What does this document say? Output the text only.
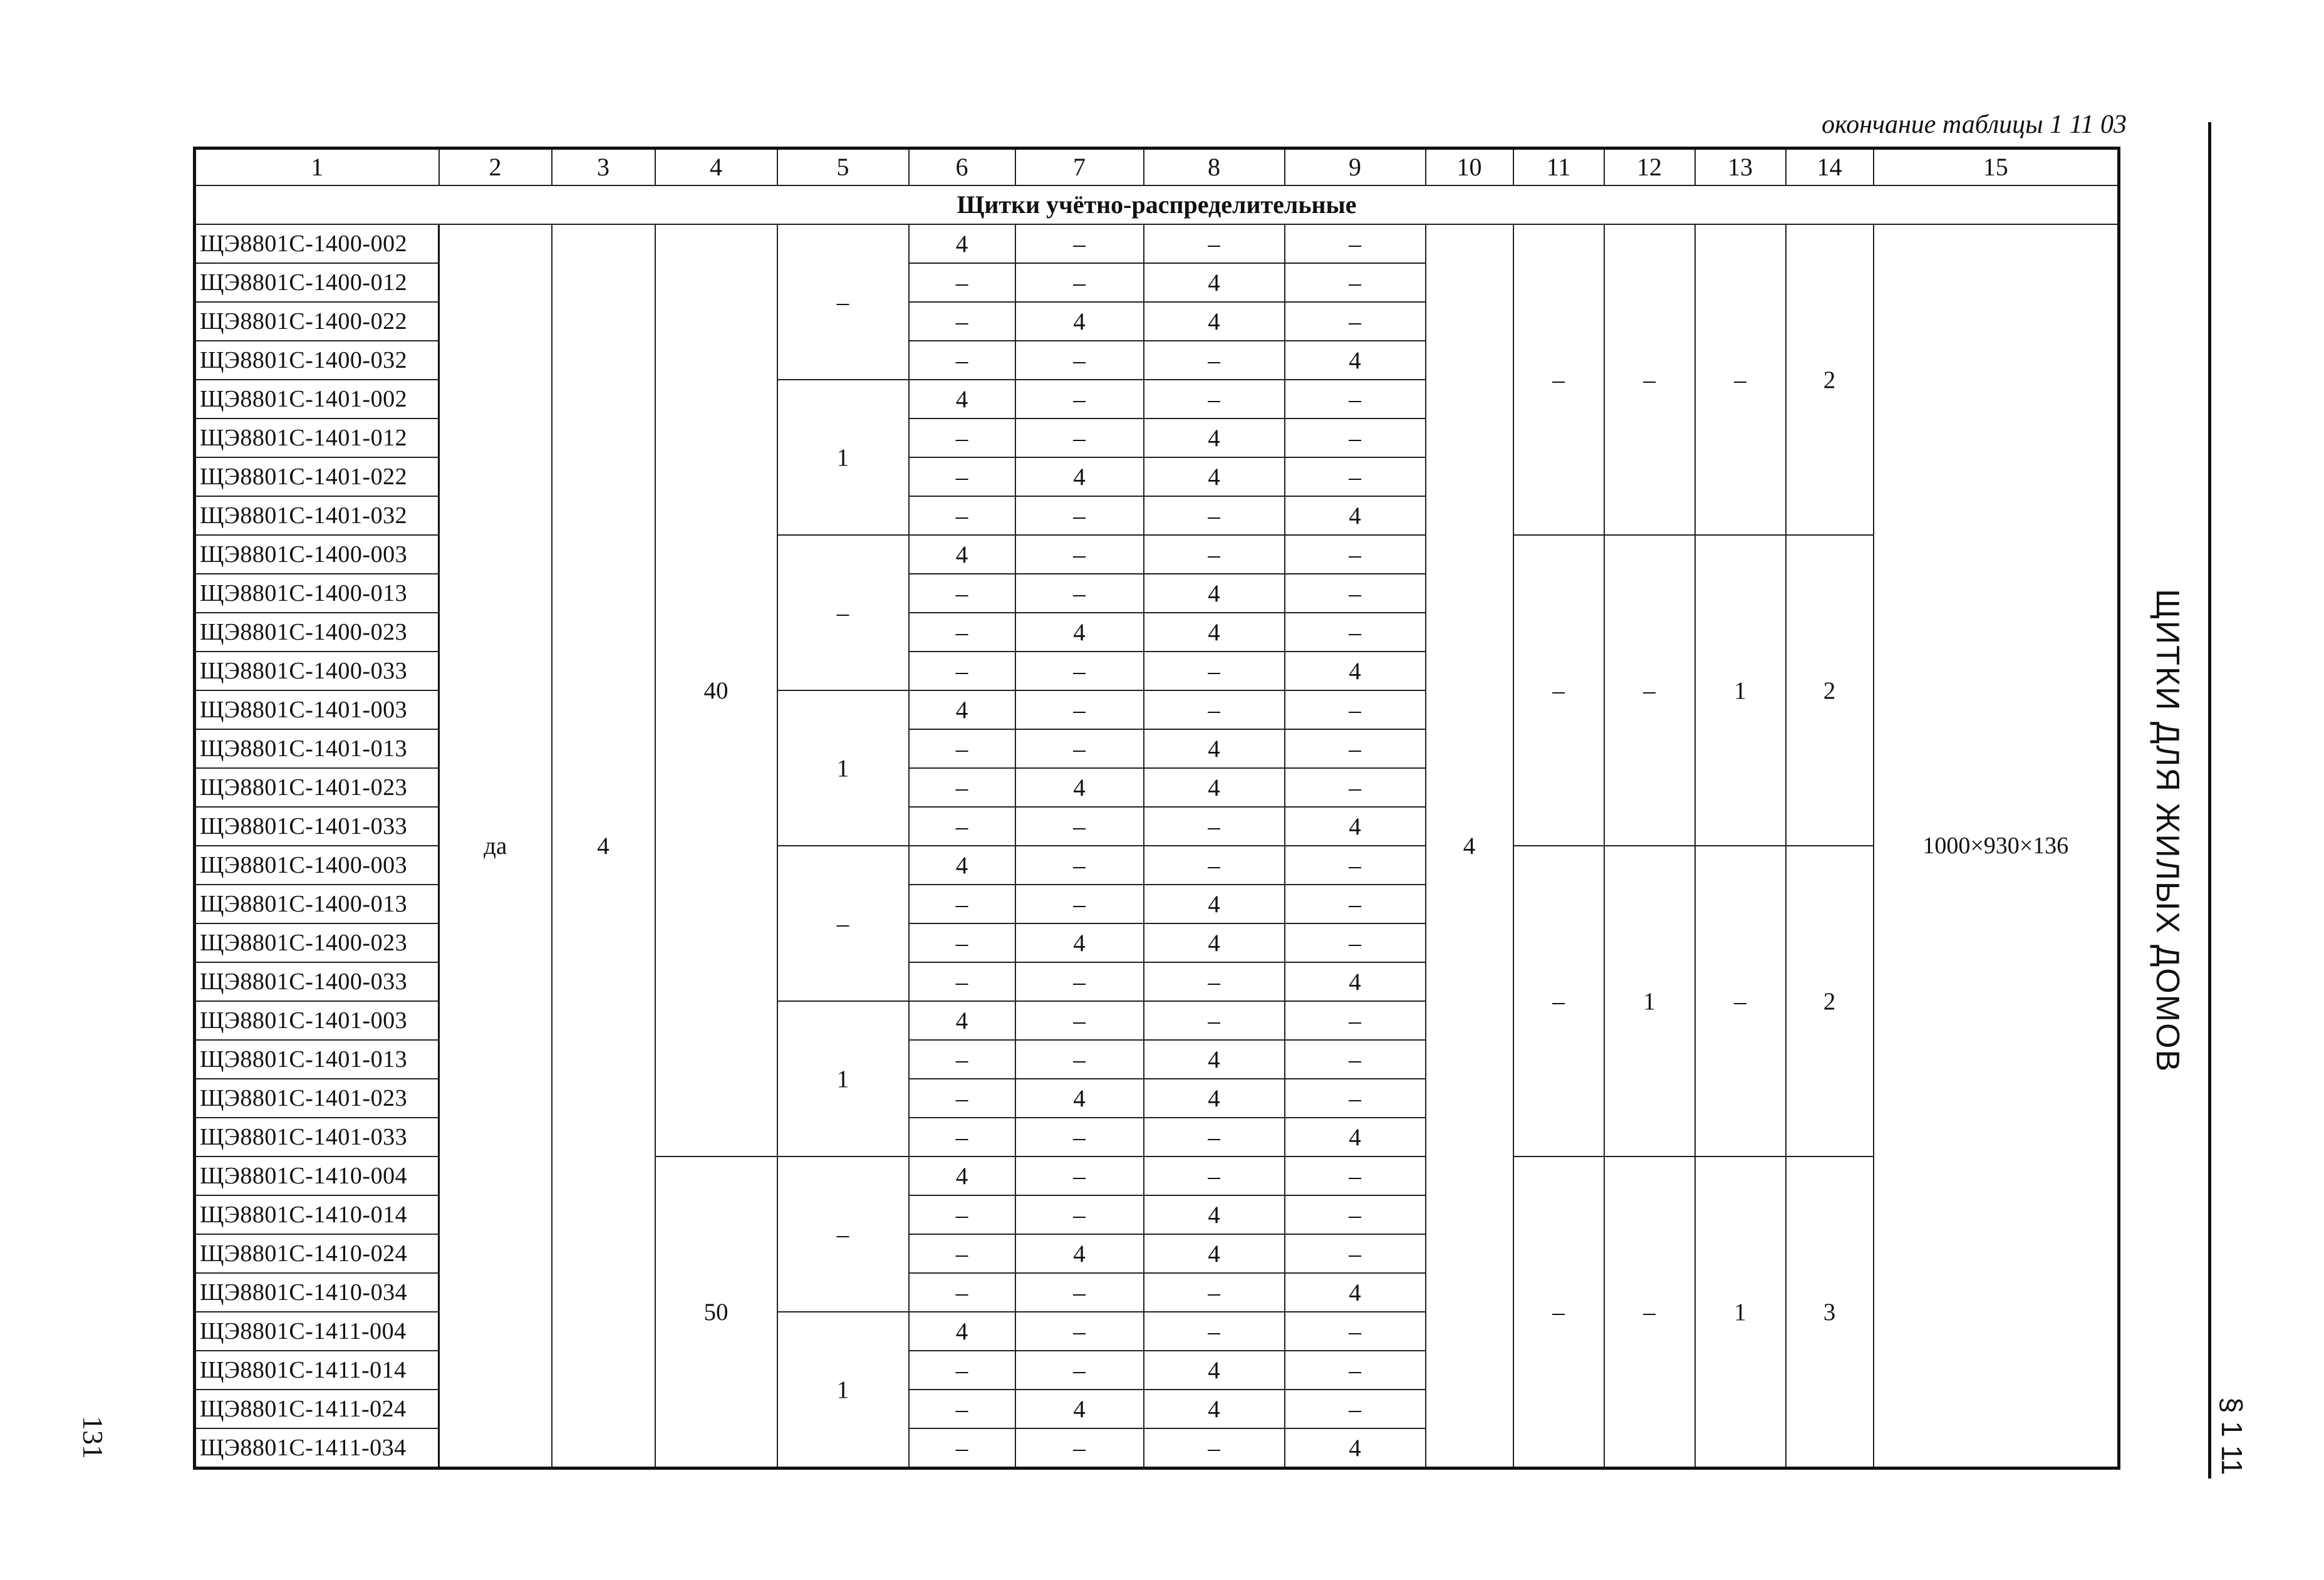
окончание таблицы 1 11 03
1	2	3	4	5	6	7	8	9	10	11	12	13	14	15
Щитки учётно-распределительные														
ЩЭ8801С-1400-002	да	4	40	–	4	–	–	–	4	–	–	–	2	1000×930×136
ЩЭ8801С-1400-012					–	–	4	–						
ЩЭ8801С-1400-022					–	4	4	–						
ЩЭ8801С-1400-032					–	–	–	4						
ЩЭ8801С-1401-002				1	4	–	–	–						
ЩЭ8801С-1401-012					–	–	4	–						
ЩЭ8801С-1401-022					–	4	4	–						
ЩЭ8801С-1401-032					–	–	–	4						
ЩЭ8801С-1400-003				–	4	–	–	–		–	–	1	2	
ЩЭ8801С-1400-013					–	–	4	–						
ЩЭ8801С-1400-023					–	4	4	–						
ЩЭ8801С-1400-033					–	–	–	4						
ЩЭ8801С-1401-003				1	4	–	–	–						
ЩЭ8801С-1401-013					–	–	4	–						
ЩЭ8801С-1401-023					–	4	4	–						
ЩЭ8801С-1401-033					–	–	–	4						
ЩЭ8801С-1400-003				–	4	–	–	–		–	1	–	2	
ЩЭ8801С-1400-013					–	–	4	–						
ЩЭ8801С-1400-023					–	4	4	–						
ЩЭ8801С-1400-033					–	–	–	4						
ЩЭ8801С-1401-003				1	4	–	–	–						
ЩЭ8801С-1401-013					–	–	4	–						
ЩЭ8801С-1401-023					–	4	4	–						
ЩЭ8801С-1401-033					–	–	–	4						
ЩЭ8801С-1410-004			50	–	4	–	–	–		–	–	1	3	
ЩЭ8801С-1410-014					–	–	4	–						
ЩЭ8801С-1410-024					–	4	4	–						
ЩЭ8801С-1410-034					–	–	–	4						
ЩЭ8801С-1411-004				1	4	–	–	–						
ЩЭ8801С-1411-014					–	–	4	–						
ЩЭ8801С-1411-024					–	4	4	–						
ЩЭ8801С-1411-034					–	–	–	4						
ЩИТКИ ДЛЯ ЖИЛЫХ ДОМОВ
§ 1 11
131
